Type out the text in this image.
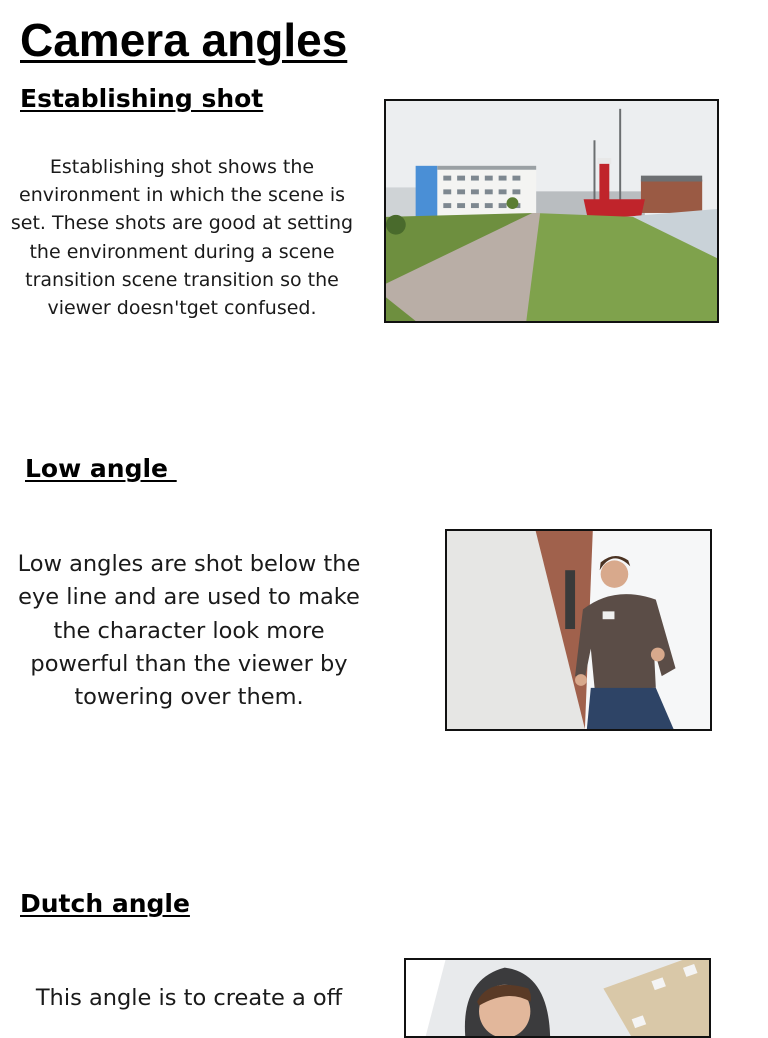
Camera angles
Establishing shot

Establishing shot shows the environment in which the scene is set. These shots are good at setting the environment during a scene transition scene transition so the viewer doesn'tget confused.

Low angle

Low angles are shot below the eye line and are used to make the character look more powerful than the viewer by towering over them.

Dutch angle

This angle is to create a off
